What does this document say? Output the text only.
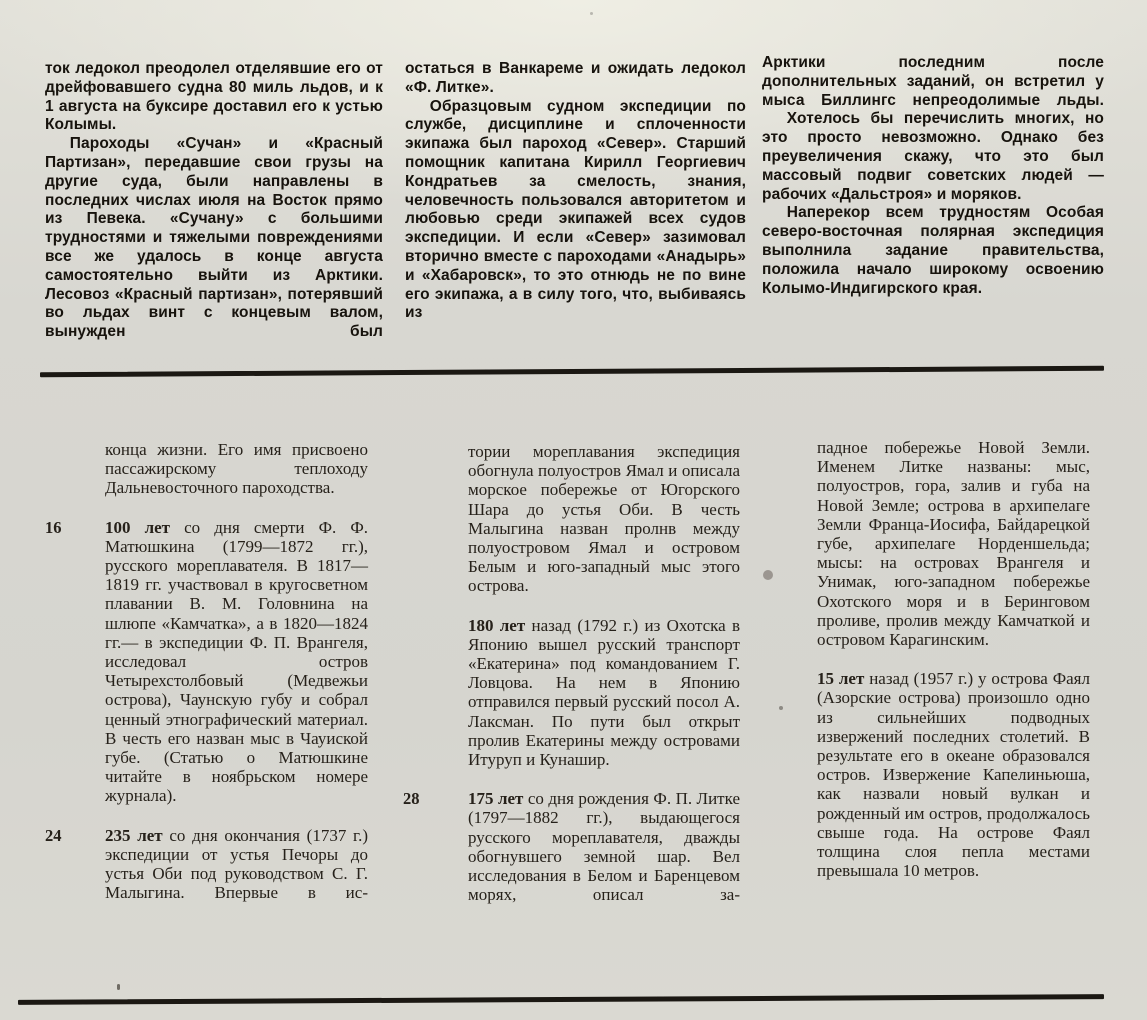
ток ледокол преодолел отделявшие его от дрейфовавшего судна 80 миль льдов, и к 1 августа на буксире доставил его к устью Колымы.

Пароходы «Сучан» и «Красный Партизан», передавшие свои грузы на другие суда, были направлены в последних числах июля на Восток прямо из Певека. «Сучану» с большими трудностями и тяжелыми повреждениями все же удалось в конце августа самостоятельно выйти из Арктики. Лесовоз «Красный партизан», потерявший во льдах винт с концевым валом, вынужден был

остаться в Ванкареме и ожидать ледокол «Ф. Литке».

Образцовым судном экспедиции по службе, дисциплине и сплоченности экипажа был пароход «Север». Старший помощник капитана Кирилл Георгиевич Кондратьев за смелость, знания, человечность пользовался авторитетом и любовью среди экипажей всех судов экспедиции. И если «Север» зазимовал вторично вместе с пароходами «Анадырь» и «Хабаровск», то это отнюдь не по вине его экипажа, а в силу того, что, выбиваясь из

Арктики последним после дополнительных заданий, он встретил у мыса Биллингс непреодолимые льды.

Хотелось бы перечислить многих, но это просто невозможно. Однако без преувеличения скажу, что это был массовый подвиг советских людей — рабочих «Дальстроя» и моряков.

Наперекор всем трудностям Особая северо-восточная полярная экспедиция выполнила задание правительства, положила начало широкому освоению Колымо-Индигирского края.

конца жизни. Его имя присвоено пассажирскому теплоходу Дальневосточного пароходства.
16	100 лет со дня смерти Ф. Ф. Матюшкина (1799—1872 гг.), русского мореплавателя. В 1817—1819 гг. участвовал в кругосветном плавании В. М. Головнина на шлюпе «Камчатка», а в 1820—1824 гг.— в экспедиции Ф. П. Врангеля, исследовал остров Четырехстолбовый (Медвежьи острова), Чаунскую губу и собрал ценный этнографический материал. В честь его назван мыс в Чауиской губе. (Статью о Матюшкине читайте в ноябрьском номере журнала).
24	235 лет со дня окончания (1737 г.) экспедиции от устья Печоры до устья Оби под руководством С. Г. Малыгина. Впервые в ис-
тории мореплавания экспедиция обогнула полуостров Ямал и описала морское побережье от Югорского Шара до устья Оби. В честь Малыгина назван пролнв между полуостровом Ямал и островом Белым и юго-западный мыс этого острова.
180 лет назад (1792 г.) из Охотска в Японию вышел русский транспорт «Екатерина» под командованием Г. Ловцова. На нем в Японию отправился первый русский посол А. Лаксман. По пути был открыт пролив Екатерины между островами Итуруп и Кунашир.
28	175 лет со дня рождения Ф. П. Литке (1797—1882 гг.), выдающегося русского мореплавателя, дважды обогнувшего земной шар. Вел исследования в Белом и Баренцевом морях, описал за-
падное побережье Новой Земли. Именем Литке названы: мыс, полуостров, гора, залив и губа на Новой Земле; острова в архипелаге Земли Франца-Иосифа, Байдарецкой губе, архипелаге Норденшельда; мысы: на островах Врангеля и Унимак, юго-западном побережье Охотского моря и в Беринговом проливе, пролив между Камчаткой и островом Карагинским.
15 лет назад (1957 г.) у острова Фаял (Азорские острова) произошло одно из сильнейших подводных извержений последних столетий. В результате его в океане образовался остров. Извержение Капелиньюша, как назвали новый вулкан и рожденный им остров, продолжалось свыше года. На острове Фаял толщина слоя пепла местами превышала 10 метров.
